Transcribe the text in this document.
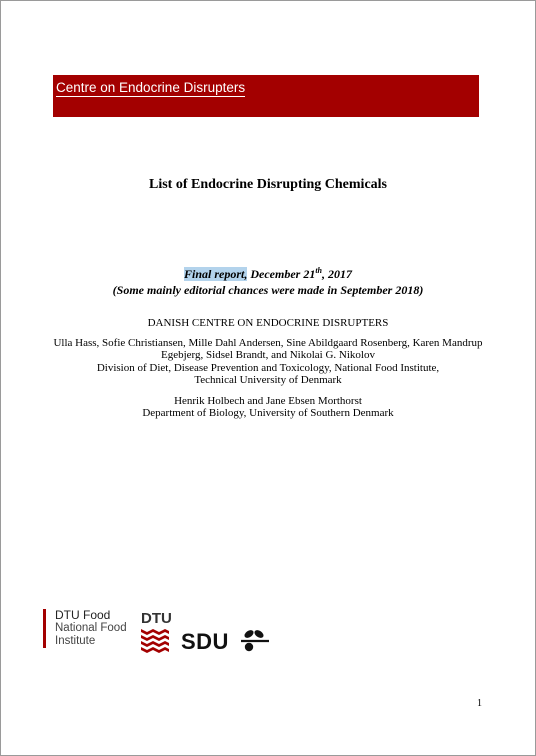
Centre on Endocrine Disrupters
List of Endocrine Disrupting Chemicals
Final report, December 21th, 2017
(Some mainly editorial chances were made in September 2018)
DANISH CENTRE ON ENDOCRINE DISRUPTERS
Ulla Hass, Sofie Christiansen, Mille Dahl Andersen, Sine Abildgaard Rosenberg, Karen Mandrup
Egebjerg, Sidsel Brandt, and Nikolai G. Nikolov
Division of Diet, Disease Prevention and Toxicology, National Food Institute,
Technical University of Denmark
Henrik Holbech and Jane Ebsen Morthorst
Department of Biology, University of Southern Denmark
DTU Food
National Food
Institute
DTU
SDU
1
